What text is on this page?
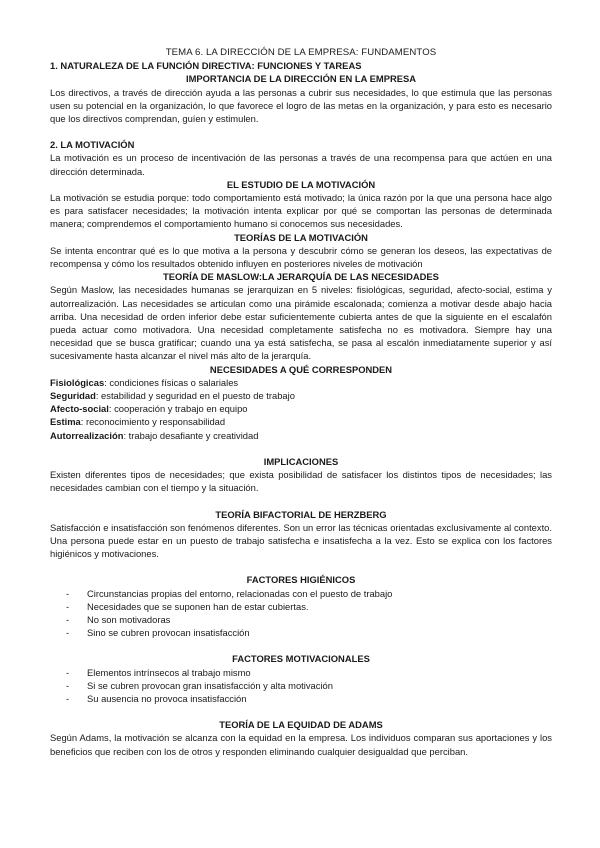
TEMA 6. LA DIRECCIÓN DE LA EMPRESA: FUNDAMENTOS
1. NATURALEZA DE LA FUNCIÓN DIRECTIVA: FUNCIONES Y TAREAS
IMPORTANCIA DE LA DIRECCIÓN EN LA EMPRESA

Los directivos, a través de dirección ayuda a las personas a cubrir sus necesidades, lo que estimula que las personas usen su potencial en la organización, lo que favorece el logro de las metas en la organización, y para esto es necesario que los directivos comprendan, guíen y estimulen.

2. LA MOTIVACIÓN

La motivación es un proceso de incentivación de las personas a través de una recompensa para que actúen en una dirección determinada.

EL ESTUDIO DE LA MOTIVACIÓN

La motivación se estudia porque: todo comportamiento está motivado; la única razón por la que una persona hace algo es para satisfacer necesidades; la motivación intenta explicar por qué se comportan las personas de determinada manera; comprendemos el comportamiento humano si conocemos sus necesidades.

TEORÍAS DE LA MOTIVACIÓN

Se intenta encontrar qué es lo que motiva a la persona y descubrir cómo se generan los deseos, las expectativas de recompensa y cómo los resultados obtenido influyen en posteriores niveles de motivación

TEORÍA DE MASLOW:LA JERARQUÍA DE LAS NECESIDADES

Según Maslow, las necesidades humanas se jerarquizan en 5 niveles: fisiológicas, seguridad, afecto-social, estima y autorrealización. Las necesidades se articulan como una pirámide escalonada; comienza a motivar desde abajo hacia arriba. Una necesidad de orden inferior debe estar suficientemente cubierta antes de que la siguiente en el escalafón pueda actuar como motivadora. Una necesidad completamente satisfecha no es motivadora. Siempre hay una necesidad que se busca gratificar; cuando una ya está satisfecha, se pasa al escalón inmediatamente superior y así sucesivamente hasta alcanzar el nivel más alto de la jerarquía.

NECESIDADES A QUÉ CORRESPONDEN
Fisiológicas: condiciones físicas o salariales
Seguridad: estabilidad y seguridad en el puesto de trabajo
Afecto-social: cooperación y trabajo en equipo
Estima: reconocimiento y responsabilidad
Autorrealización: trabajo desafiante y creatividad
IMPLICACIONES

Existen diferentes tipos de necesidades; que exista posibilidad de satisfacer los distintos tipos de necesidades; las necesidades cambian con el tiempo y la situación.

TEORÍA BIFACTORIAL DE HERZBERG

Satisfacción e insatisfacción son fenómenos diferentes. Son un error las técnicas orientadas exclusivamente al contexto. Una persona puede estar en un puesto de trabajo satisfecha e insatisfecha a la vez. Esto se explica con los factores higiénicos y motivaciones.

FACTORES HIGIÉNICOS
- Circunstancias propias del entorno, relacionadas con el puesto de trabajo
- Necesidades que se suponen han de estar cubiertas.
- No son motivadoras
- Sino se cubren provocan insatisfacción
FACTORES MOTIVACIONALES
- Elementos intrínsecos al trabajo mismo
- Si se cubren provocan gran insatisfacción y alta motivación
- Su ausencia no provoca insatisfacción
TEORÍA DE LA EQUIDAD DE ADAMS

Según Adams, la motivación se alcanza con la equidad en la empresa. Los individuos comparan sus aportaciones y los beneficios que reciben con los de otros y responden eliminando cualquier desigualdad que perciban.
